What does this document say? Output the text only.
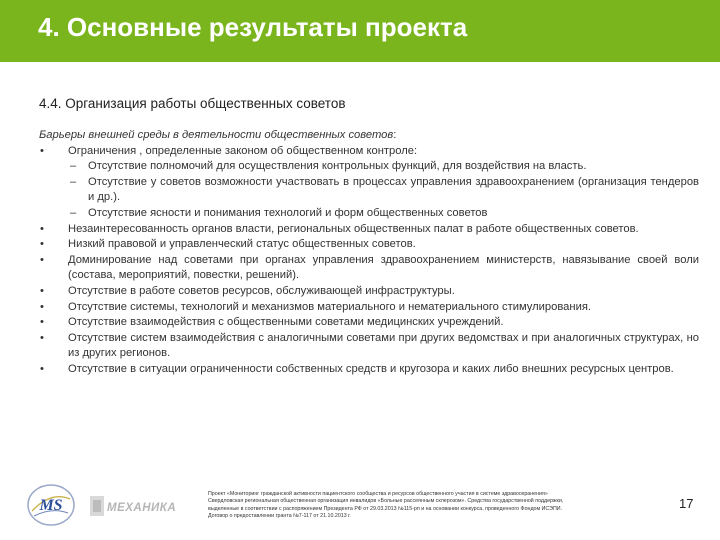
4. Основные результаты проекта
4.4. Организация работы общественных советов
Барьеры внешней среды в деятельности общественных советов:
• Ограничения , определенные законом об общественном контроле:
– Отсутствие полномочий для осуществления контрольных функций, для воздействия на власть.
– Отсутствие у советов возможности участвовать в процессах управления здравоохранением (организация тендеров и др.).
– Отсутствие ясности и понимания технологий и форм общественных советов
• Незаинтересованность органов власти, региональных общественных палат в работе общественных советов.
• Низкий правовой и управленческий статус общественных советов.
• Доминирование над советами при органах управления здравоохранением министерств, навязывание своей воли (состава, мероприятий, повестки, решений).
• Отсутствие в работе советов ресурсов, обслуживающей инфраструктуры.
• Отсутствие системы, технологий и механизмов материального и нематериального стимулирования.
• Отсутствие взаимодействия с общественными советами медицинских учреждений.
• Отсутствие систем взаимодействия с аналогичными советами при других ведомствах и при аналогичных структурах, но из других регионов.
• Отсутствие в ситуации ограниченности собственных средств и кругозора и каких либо внешних ресурсных центров.
MS	МЕХАНИКА
Проект «Мониторинг гражданской активности пациентского сообщества и ресурсов общественного участия в системе здравоохранения»
Свердловская региональная общественная организация инвалидов «Больные рассеянным склерозом». Средства государственной поддержки,
выделенные в соответствии с распоряжением Президента РФ от 29.03.2013 №115-рп и на основании конкурса, проведенного Фондом ИСЭПИ.
Договор о предоставлении гранта №7-117 от 21.10.2013 г.
17
